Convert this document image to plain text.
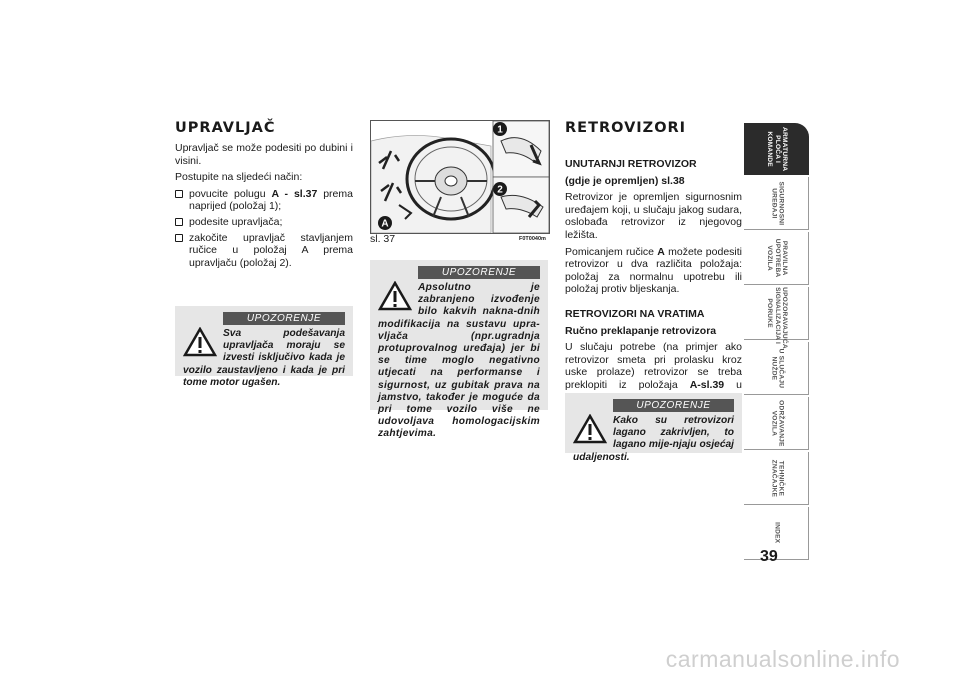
UPRAVLJAČ

Upravljač se može podesiti po dubini i visini.

Postupite na sljedeći način:

povucite polugu A - sl.37 prema naprijed (položaj 1);
podesite upravljača;
zakočite upravljač stavljanjem ručice u položaj A prema upravljaču (položaj 2).
UPOZORENJE

Sva podešavanja upravljača moraju se izvesti isključivo kada je vozilo zaustavljeno i kada je pri tome motor ugašen.

1
2
A
sl. 37	F0T0040m
UPOZORENJE

Apsolutno je zabranjeno izvođenje bilo kakvih nakna-dnih modifikacija na sustavu upra-vljača (npr.ugradnja protuprovalnog uređaja) jer bi se time moglo negativno utjecati na performanse i sigurnost, uz gubitak prava na jamstvo, također je moguće da pri tome vozilo više ne udovoljava homologacijskim zahtjevima.

RETROVIZORI

UNUTARNJI RETROVIZOR

(gdje je opremljen) sl.38

Retrovizor je opremljen sigurnosnim uređajem koji, u slučaju jakog sudara, oslobađa retrovizor iz njegovog ležišta.

Pomicanjem ručice A možete podesiti retrovizor u dva različita položaja: položaj za normalnu upotrebu ili položaj protiv bljeskanja.

RETROVIZORI NA VRATIMA

Ručno preklapanje retrovizora

U slučaju potrebe (na primjer ako retrovizor smeta pri prolasku kroz uske prolaze) retrovizor se treba preklopiti iz položaja A-sl.39 u

UPOZORENJE

Kako su retrovizori lagano zakrivljen, to lagano mije-njaju osjećaj udaljenosti.

ARMATURNA
PLOČA I
KOMANDE
SIGURNOSNI
UREĐAJI
PRAVILNA
UPOTREBA
VOZILA
UPOZORAVAJUĆA
SIGNALIZACIJA I
PORUKE
U SLUČAJU
NUŽDE
ODRŽAVANJE
VOZILA
TEHNIČKE
ZNAČAJKE
INDEX
39
carmanualsonline.info
